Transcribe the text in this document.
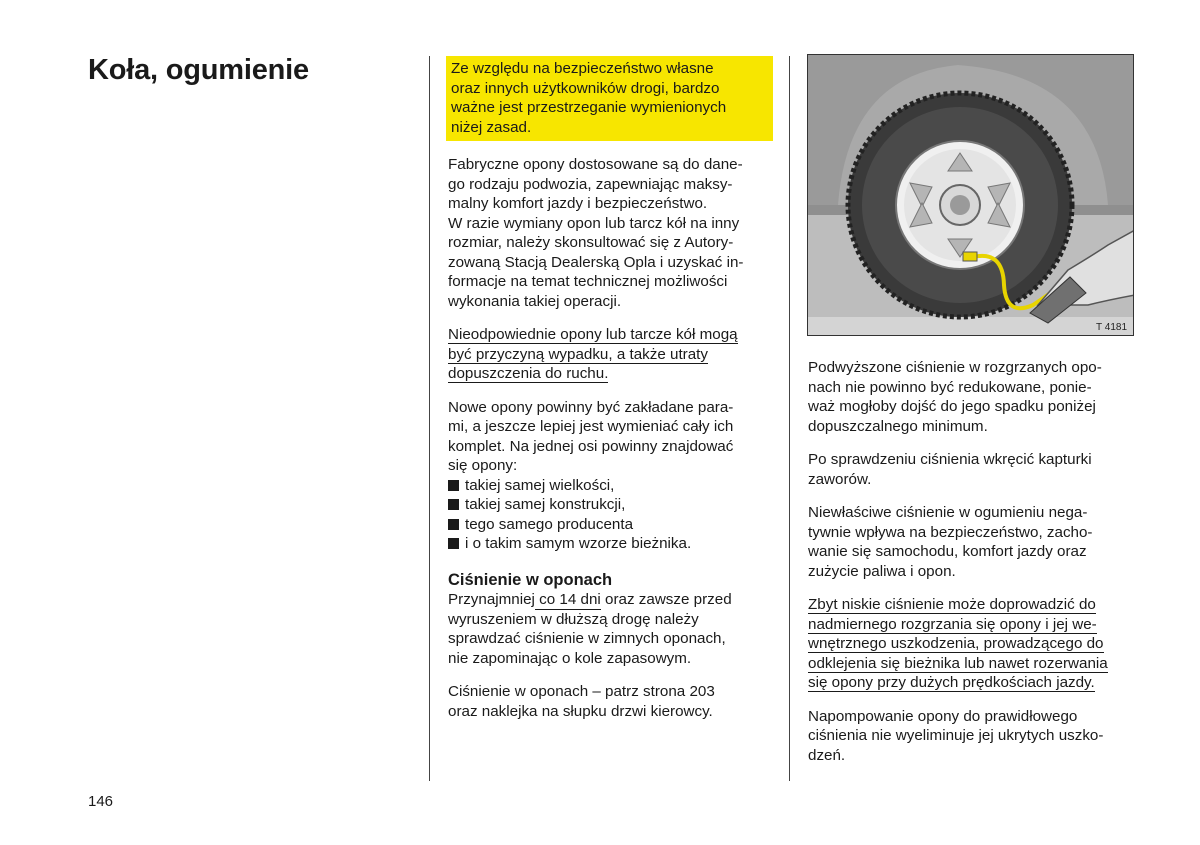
Koła, ogumienie	Ze względu na bezpieczeństwo własne
oraz innych użytkowników drogi, bardzo
ważne jest przestrzeganie wymienionych
niżej zasad.

Fabryczne opony dostosowane są do dane-
go rodzaju podwozia, zapewniając maksy-
malny komfort jazdy i bezpieczeństwo.
W razie wymiany opon lub tarcz kół na inny
rozmiar, należy skonsultować się z Autory-
zowaną Stacją Dealerską Opla i uzyskać in-
formacje na temat technicznej możliwości
wykonania takiej operacji.

Nieodpowiednie opony lub tarcze kół mogą
być przyczyną wypadku, a także utraty
dopuszczenia do ruchu.

Nowe opony powinny być zakładane para-
mi, a jeszcze lepiej jest wymieniać cały ich
komplet. Na jednej osi powinny znajdować
się opony:

takiej samej wielkości,
takiej samej konstrukcji,
tego samego producenta
i o takim samym wzorze bieżnika.

Ciśnienie w oponach

Przynajmniej co 14 dni oraz zawsze przed
wyruszeniem w dłuższą drogę należy
sprawdzać ciśnienie w zimnych oponach,
nie zapominając o kole zapasowym.

Ciśnienie w oponach – patrz strona 203
oraz naklejka na słupku drzwi kierowcy.

T 4181

Podwyższone ciśnienie w rozgrzanych opo-
nach nie powinno być redukowane, ponie-
waż mogłoby dojść do jego spadku poniżej
dopuszczalnego minimum.

Po sprawdzeniu ciśnienia wkręcić kapturki
zaworów.

Niewłaściwe ciśnienie w ogumieniu nega-
tywnie wpływa na bezpieczeństwo, zacho-
wanie się samochodu, komfort jazdy oraz
zużycie paliwa i opon.

Zbyt niskie ciśnienie może doprowadzić do
nadmiernego rozgrzania się opony i jej we-
wnętrznego uszkodzenia, prowadzącego do
odklejenia się bieżnika lub nawet rozerwania
się opony przy dużych prędkościach jazdy.

Napompowanie opony do prawidłowego
ciśnienia nie wyeliminuje jej ukrytych uszko-
dzeń.

146
